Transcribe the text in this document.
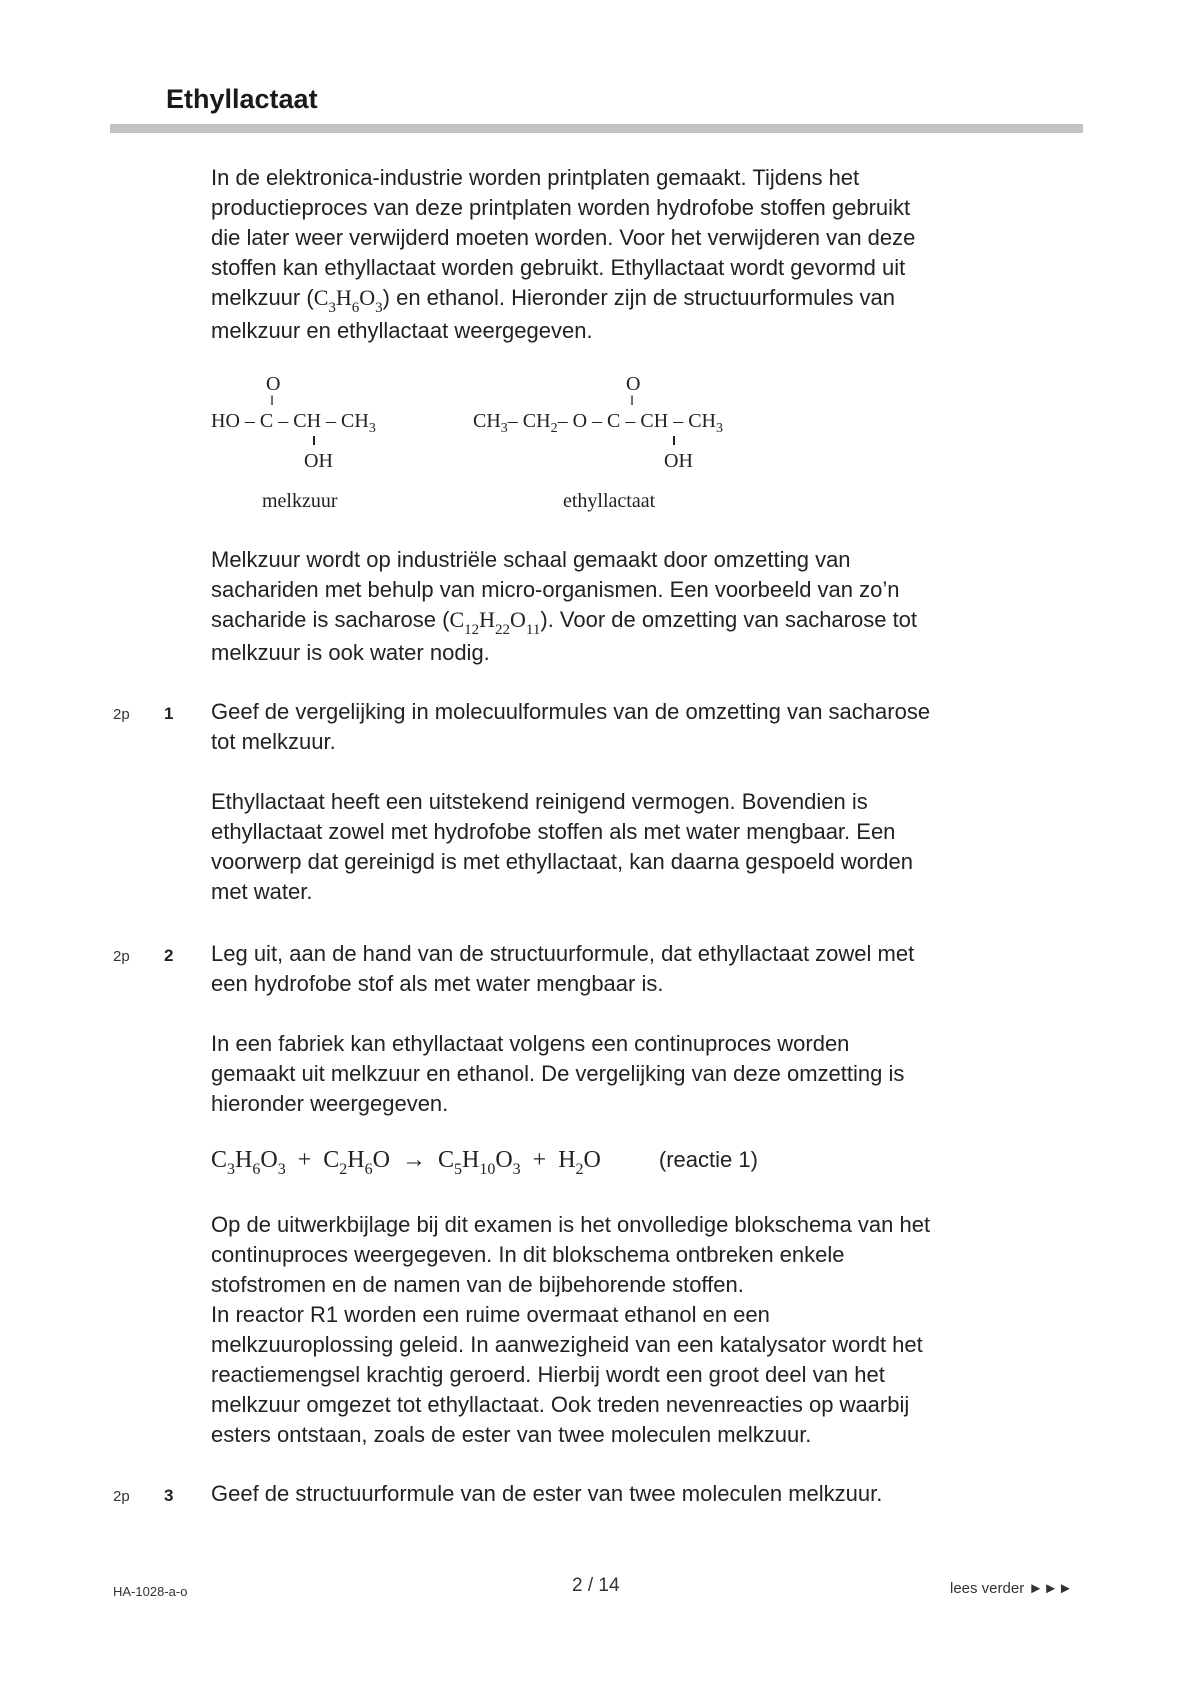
Ethyllactaat
In de elektronica-industrie worden printplaten gemaakt. Tijdens het
productieproces van deze printplaten worden hydrofobe stoffen gebruikt
die later weer verwijderd moeten worden. Voor het verwijderen van deze
stoffen kan ethyllactaat worden gebruikt. Ethyllactaat wordt gevormd uit
melkzuur $(C_3H_6O_3)$ en ethanol. Hieronder zijn de structuurformules van
melkzuur en ethyllactaat weergegeven.
O
ǁ
HO – C – CH – $CH_3$
OH
melkzuur
O
ǁ
$CH_3-$ $CH_2-$ O – C – CH – $CH_3$
OH
ethyllactaat
Melkzuur wordt op industriële schaal gemaakt door omzetting van
sachariden met behulp van micro-organismen. Een voorbeeld van zo’n
sacharide is sacharose $(C_{12}H_{22}O_{11})$. Voor de omzetting van sacharose tot
melkzuur is ook water nodig.
2p 1 Geef de vergelijking in molecuulformules van de omzetting van sacharose
tot melkzuur.
Ethyllactaat heeft een uitstekend reinigend vermogen. Bovendien is
ethyllactaat zowel met hydrofobe stoffen als met water mengbaar. Een
voorwerp dat gereinigd is met ethyllactaat, kan daarna gespoeld worden
met water.
2p 2 Leg uit, aan de hand van de structuurformule, dat ethyllactaat zowel met
een hydrofobe stof als met water mengbaar is.
In een fabriek kan ethyllactaat volgens een continuproces worden
gemaakt uit melkzuur en ethanol. De vergelijking van deze omzetting is
hieronder weergegeven.
$C_3H_6O_3 + C_2H_6O \to C_5H_{10}O_3 + H_2O$	(reactie 1)
Op de uitwerkbijlage bij dit examen is het onvolledige blokschema van het
continuproces weergegeven. In dit blokschema ontbreken enkele
stofstromen en de namen van de bijbehorende stoffen.
In reactor R1 worden een ruime overmaat ethanol en een
melkzuuroplossing geleid. In aanwezigheid van een katalysator wordt het
reactiemengsel krachtig geroerd. Hierbij wordt een groot deel van het
melkzuur omgezet tot ethyllactaat. Ook treden nevenreacties op waarbij
esters ontstaan, zoals de ester van twee moleculen melkzuur.
2p 3 Geef de structuurformule van de ester van twee moleculen melkzuur.
HA-1028-a-o	2 / 14	lees verder ►►►
